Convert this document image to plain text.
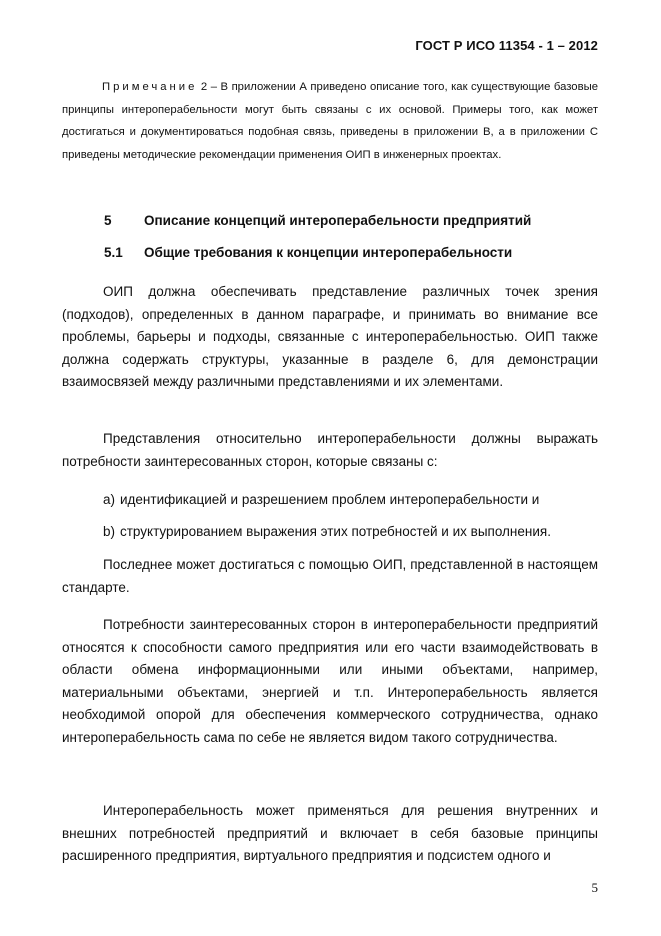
ГОСТ Р ИСО 11354 - 1 – 2012
Примечание 2 – В приложении А приведено описание того, как существующие базовые принципы интероперабельности могут быть связаны с их основой. Примеры того, как может достигаться и документироваться подобная связь, приведены в приложении В, а в приложении С приведены методические рекомендации применения ОИП в инженерных проектах.
5 Описание концепций интероперабельности предприятий
5.1 Общие требования к концепции интероперабельности

ОИП должна обеспечивать представление различных точек зрения (подходов), определенных в данном параграфе, и принимать во внимание все проблемы, барьеры и подходы, связанные с интероперабельностью. ОИП также должна содержать структуры, указанные в разделе 6, для демонстрации взаимосвязей между различными представлениями и их элементами.

Представления относительно интероперабельности должны выражать потребности заинтересованных сторон, которые связаны с:

a) идентификацией и разрешением проблем интероперабельности и
b) структурированием выражения этих потребностей и их выполнения.

Последнее может достигаться с помощью ОИП, представленной в настоящем стандарте.

Потребности заинтересованных сторон в интероперабельности предприятий относятся к способности самого предприятия или его части взаимодействовать в области обмена информационными или иными объектами, например, материальными объектами, энергией и т.п. Интероперабельность является необходимой опорой для обеспечения коммерческого сотрудничества, однако интероперабельность сама по себе не является видом такого сотрудничества.

Интероперабельность может применяться для решения внутренних и внешних потребностей предприятий и включает в себя базовые принципы расширенного предприятия, виртуального предприятия и подсистем одного и

5
